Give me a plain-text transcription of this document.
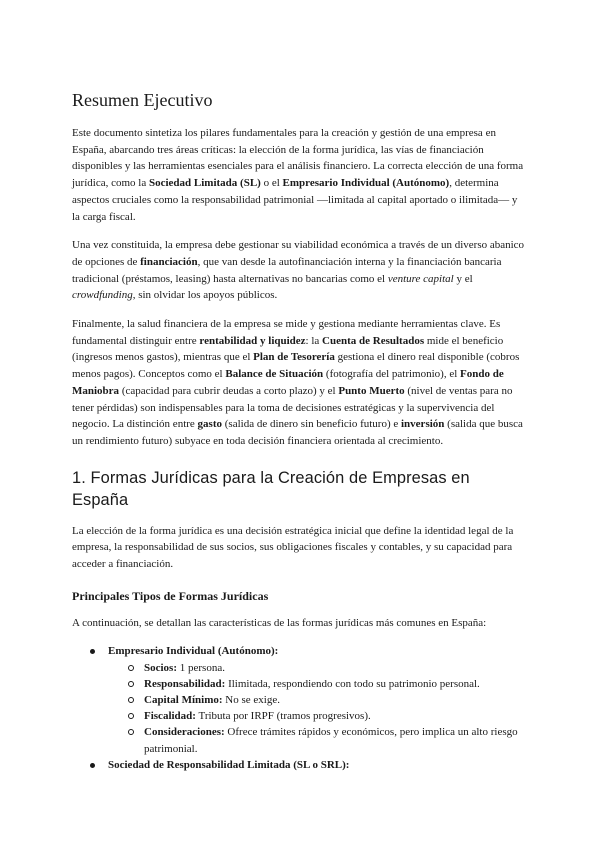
Resumen Ejecutivo

Este documento sintetiza los pilares fundamentales para la creación y gestión de una empresa en España, abarcando tres áreas críticas: la elección de la forma jurídica, las vías de financiación disponibles y las herramientas esenciales para el análisis financiero. La correcta elección de una forma jurídica, como la Sociedad Limitada (SL) o el Empresario Individual (Autónomo), determina aspectos cruciales como la responsabilidad patrimonial —limitada al capital aportado o ilimitada— y la carga fiscal.

Una vez constituida, la empresa debe gestionar su viabilidad económica a través de un diverso abanico de opciones de financiación, que van desde la autofinanciación interna y la financiación bancaria tradicional (préstamos, leasing) hasta alternativas no bancarias como el venture capital y el crowdfunding, sin olvidar los apoyos públicos.

Finalmente, la salud financiera de la empresa se mide y gestiona mediante herramientas clave. Es fundamental distinguir entre rentabilidad y liquidez: la Cuenta de Resultados mide el beneficio (ingresos menos gastos), mientras que el Plan de Tesorería gestiona el dinero real disponible (cobros menos pagos). Conceptos como el Balance de Situación (fotografía del patrimonio), el Fondo de Maniobra (capacidad para cubrir deudas a corto plazo) y el Punto Muerto (nivel de ventas para no tener pérdidas) son indispensables para la toma de decisiones estratégicas y la supervivencia del negocio. La distinción entre gasto (salida de dinero sin beneficio futuro) e inversión (salida que busca un rendimiento futuro) subyace en toda decisión financiera orientada al crecimiento.

1. Formas Jurídicas para la Creación de Empresas en España

La elección de la forma jurídica es una decisión estratégica inicial que define la identidad legal de la empresa, la responsabilidad de sus socios, sus obligaciones fiscales y contables, y su capacidad para acceder a financiación.

Principales Tipos de Formas Jurídicas

A continuación, se detallan las características de las formas jurídicas más comunes en España:

Empresario Individual (Autónomo):
Socios: 1 persona.
Responsabilidad: Ilimitada, respondiendo con todo su patrimonio personal.
Capital Mínimo: No se exige.
Fiscalidad: Tributa por IRPF (tramos progresivos).
Consideraciones: Ofrece trámites rápidos y económicos, pero implica un alto riesgo patrimonial.
Sociedad de Responsabilidad Limitada (SL o SRL):
